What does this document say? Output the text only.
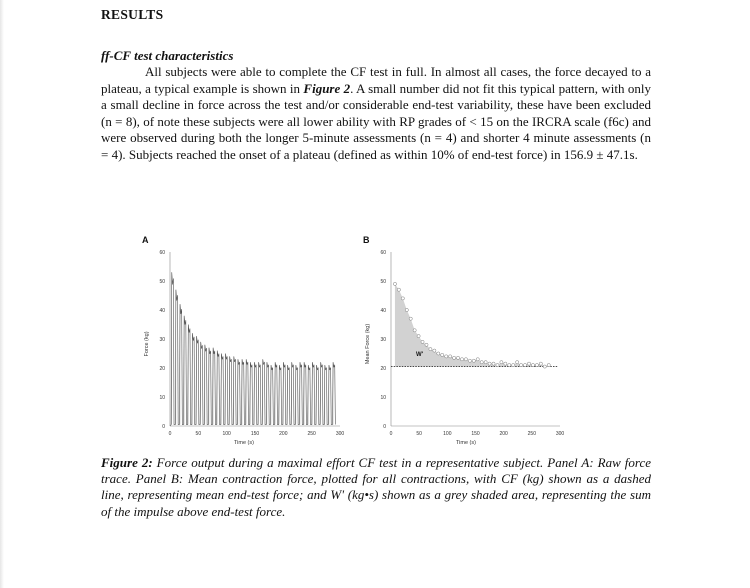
RESULTS

ff-CF test characteristics

All subjects were able to complete the CF test in full. In almost all cases, the force decayed to a plateau, a typical example is shown in Figure 2. A small number did not fit this typical pattern, with only a small decline in force across the test and/or considerable end-test variability, these have been excluded (n = 8), of note these subjects were all lower ability with RP grades of < 15 on the IRCRA scale (f6c) and were observed during both the longer 5-minute assessments (n = 4) and shorter 4 minute assessments (n = 4). Subjects reached the onset of a plateau (defined as within 10% of end-test force) in 156.9 ± 47.1s.

A
0	50	100	150	200	250	300
0
10
20
30
40
50
60
Force (kg)
Time (s)
B
0	50	100	150	200	250	300
0
10
20
30
40
50
60
Mean Force (kg)
Time (s)
W'
Figure 2: Force output during a maximal effort CF test in a representative subject. Panel A: Raw force trace. Panel B: Mean contraction force, plotted for all contractions, with CF (kg) shown as a dashed line, representing mean end-test force; and W' (kg•s) shown as a grey shaded area, representing the sum of the impulse above end-test force.
